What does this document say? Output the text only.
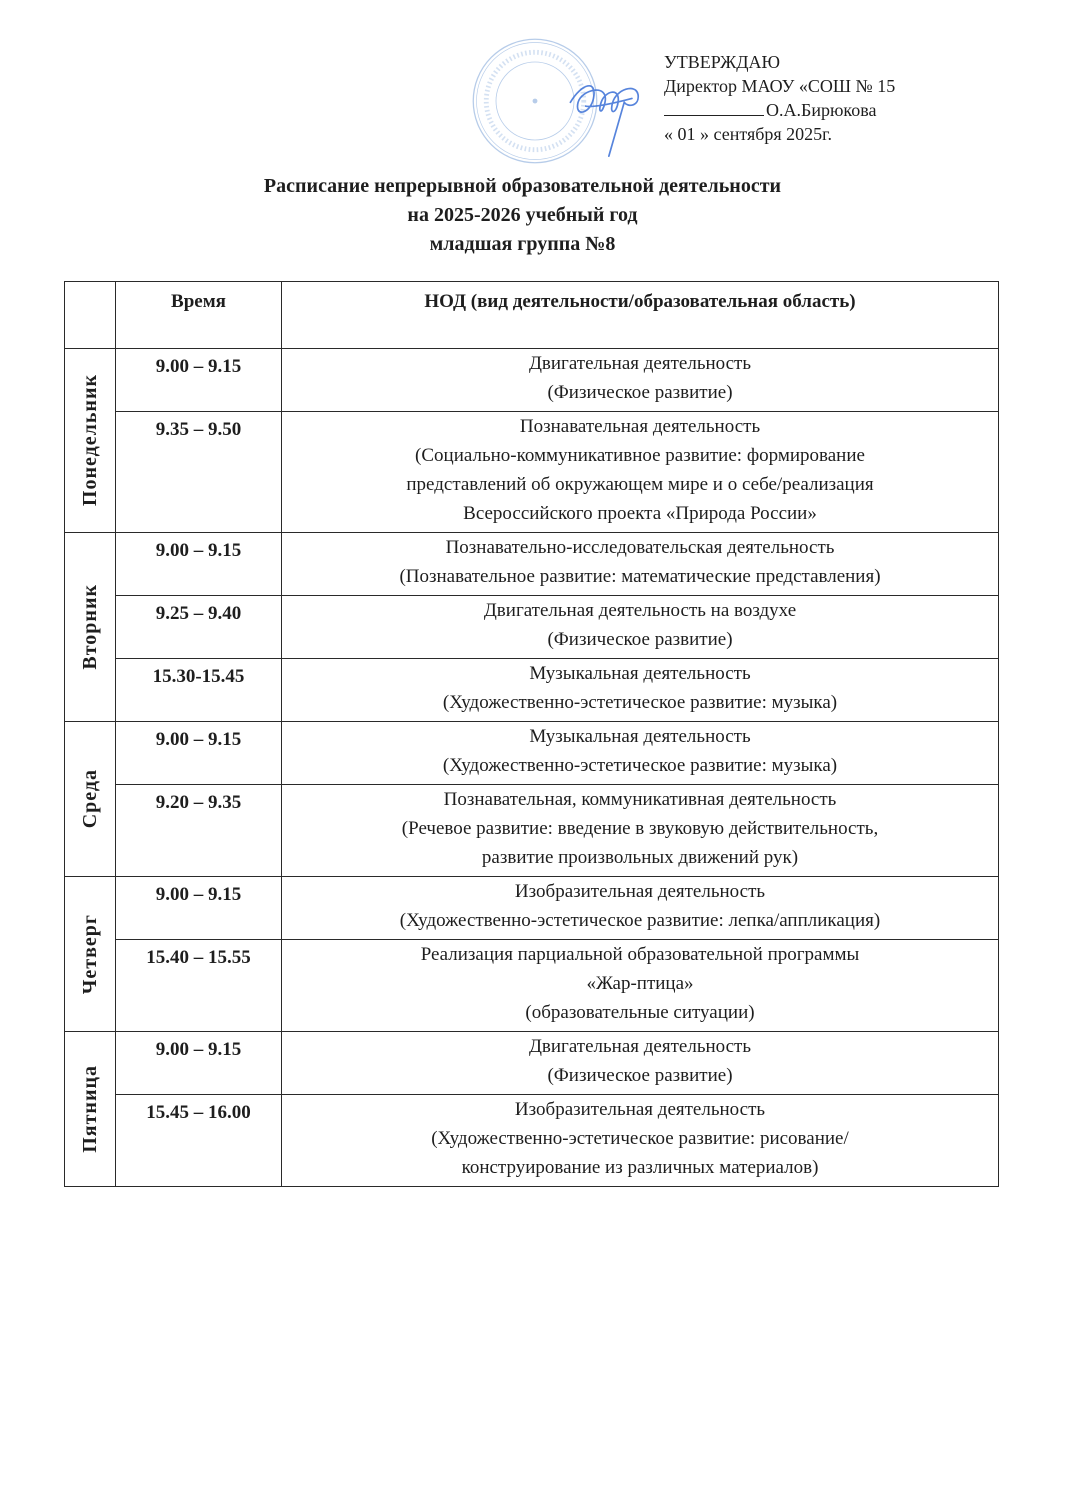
УТВЕРЖДАЮ
Директор МАОУ «СОШ № 15
О.А.Бирюкова
« 01 » сентября 2025г.
Расписание непрерывной образовательной деятельности
на 2025-2026 учебный год
младшая группа №8
	Время	НОД (вид деятельности/образовательная область)

Понедельник	9.00 – 9.15	Двигательная деятельность
(Физическое развитие)

	9.35 – 9.50	Познавательная деятельность
(Социально-коммуникативное развитие: формирование
представлений об окружающем мире и о себе/реализация
Всероссийского проекта «Природа России»

Вторник	9.00 – 9.15	Познавательно-исследовательская деятельность
(Познавательное развитие: математические представления)

	9.25 – 9.40	Двигательная деятельность на воздухе
(Физическое развитие)

	15.30-15.45	Музыкальная деятельность
(Художественно-эстетическое развитие: музыка)

Среда	9.00 – 9.15	Музыкальная деятельность
(Художественно-эстетическое развитие: музыка)

	9.20 – 9.35	Познавательная, коммуникативная деятельность
(Речевое развитие: введение в звуковую действительность,
развитие произвольных движений рук)

Четверг	9.00 – 9.15	Изобразительная деятельность
(Художественно-эстетическое развитие: лепка/аппликация)

	15.40 – 15.55	Реализация парциальной образовательной программы
«Жар-птица»
(образовательные ситуации)

Пятница	9.00 – 9.15	Двигательная деятельность
(Физическое развитие)

	15.45 – 16.00	Изобразительная деятельность
(Художественно-эстетическое развитие: рисование/
конструирование из различных материалов)
